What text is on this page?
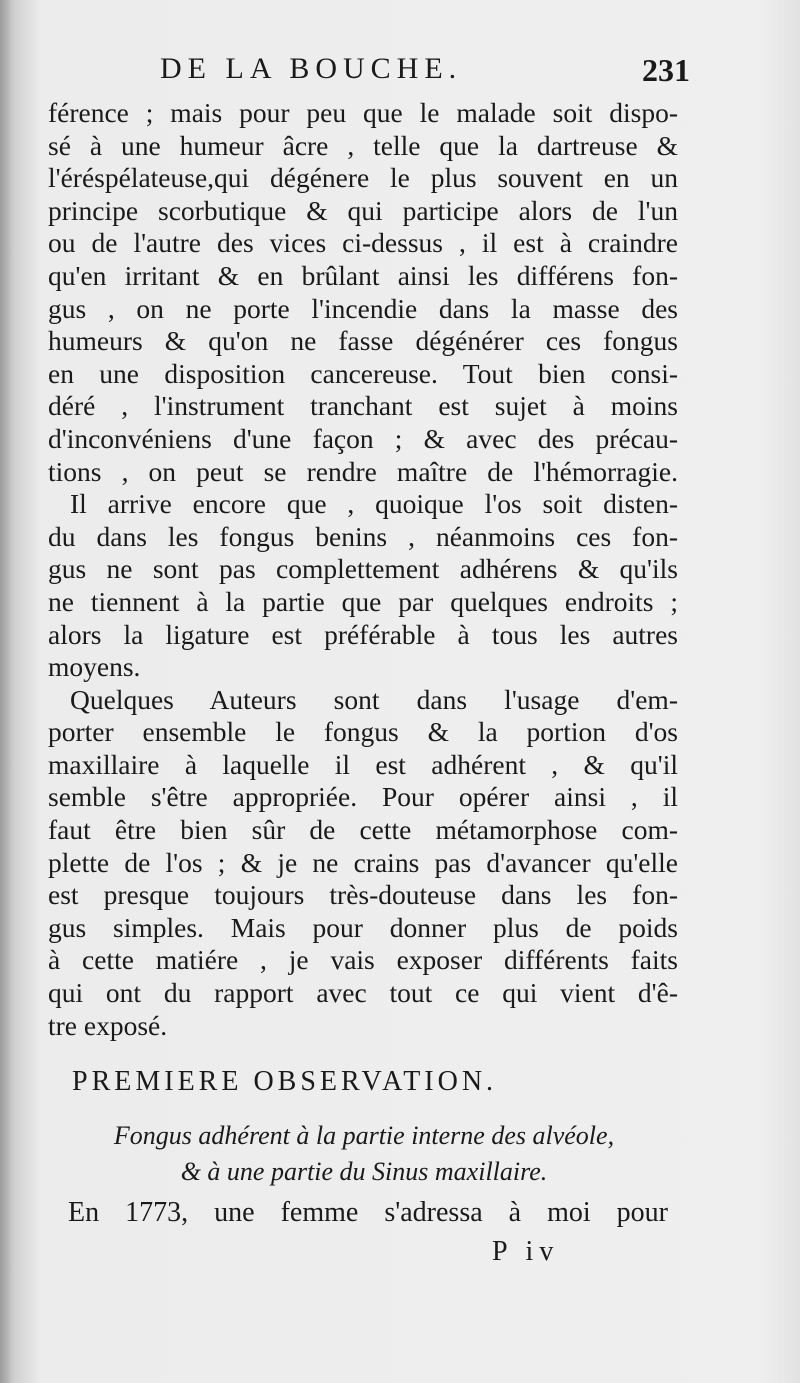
DE LA BOUCHE.	231
férence ; mais pour peu que le malade soit dispo-
sé à une humeur âcre , telle que la dartreuse &
l'éréspélateuse,qui dégénere le plus souvent en un
principe scorbutique & qui participe alors de l'un
ou de l'autre des vices ci-dessus , il est à craindre
qu'en irritant & en brûlant ainsi les différens fon-
gus , on ne porte l'incendie dans la masse des
humeurs & qu'on ne fasse dégénérer ces fongus
en une disposition cancereuse. Tout bien consi-
déré , l'instrument tranchant est sujet à moins
d'inconvéniens d'une façon ; & avec des précau-
tions , on peut se rendre maître de l'hémorragie.
Il arrive encore que , quoique l'os soit disten-
du dans les fongus benins , néanmoins ces fon-
gus ne sont pas complettement adhérens & qu'ils
ne tiennent à la partie que par quelques endroits ;
alors la ligature est préférable à tous les autres
moyens.
Quelques Auteurs sont dans l'usage d'em-
porter ensemble le fongus & la portion d'os
maxillaire à laquelle il est adhérent , & qu'il
semble s'être appropriée. Pour opérer ainsi , il
faut être bien sûr de cette métamorphose com-
plette de l'os ; & je ne crains pas d'avancer qu'elle
est presque toujours très-douteuse dans les fon-
gus simples. Mais pour donner plus de poids
à cette matiére , je vais exposer différents faits
qui ont du rapport avec tout ce qui vient d'ê-
tre exposé.
PREMIERE OBSERVATION.
Fongus adhérent à la partie interne des alvéole,
& à une partie du Sinus maxillaire.
En 1773, une femme s'adressa à moi pour
P iv
